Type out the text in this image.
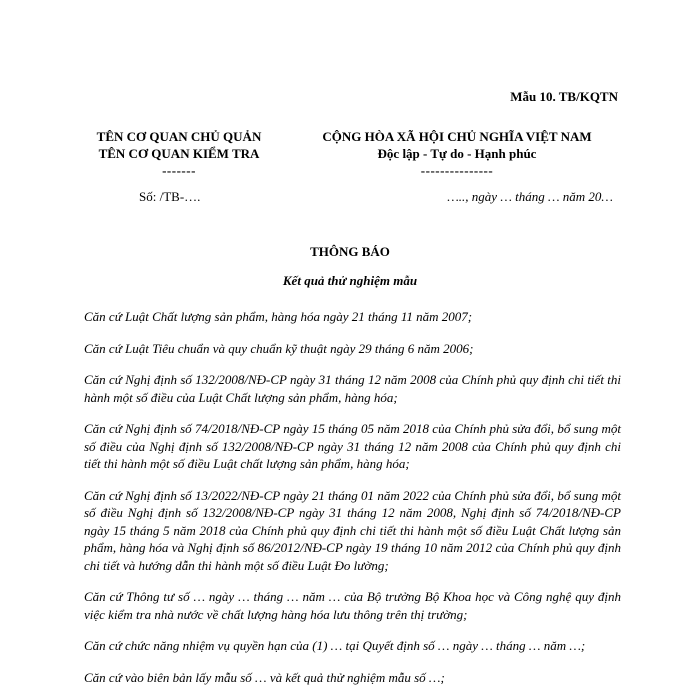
Mẫu 10. TB/KQTN
TÊN CƠ QUAN CHỦ QUẢN
TÊN CƠ QUAN KIỂM TRA
-------
CỘNG HÒA XÃ HỘI CHỦ NGHĨA VIỆT NAM
Độc lập - Tự do - Hạnh phúc
---------------
Số: /TB-….	….., ngày … tháng … năm 20…
THÔNG BÁO
Kết quả thử nghiệm mẫu

Căn cứ Luật Chất lượng sản phẩm, hàng hóa ngày 21 tháng 11 năm 2007;

Căn cứ Luật Tiêu chuẩn và quy chuẩn kỹ thuật ngày 29 tháng 6 năm 2006;

Căn cứ Nghị định số 132/2008/NĐ-CP ngày 31 tháng 12 năm 2008 của Chính phủ quy định chi tiết thi hành một số điều của Luật Chất lượng sản phẩm, hàng hóa;

Căn cứ Nghị định số 74/2018/NĐ-CP ngày 15 tháng 05 năm 2018 của Chính phủ sửa đổi, bổ sung một số điều của Nghị định số 132/2008/NĐ-CP ngày 31 tháng 12 năm 2008 của Chính phủ quy định chi tiết thi hành một số điều Luật chất lượng sản phẩm, hàng hóa;

Căn cứ Nghị định số 13/2022/NĐ-CP ngày 21 tháng 01 năm 2022 của Chính phủ sửa đổi, bổ sung một số điều Nghị định số 132/2008/NĐ-CP ngày 31 tháng 12 năm 2008, Nghị định số 74/2018/NĐ-CP ngày 15 tháng 5 năm 2018 của Chính phủ quy định chi tiết thi hành một số điều Luật Chất lượng sản phẩm, hàng hóa và Nghị định số 86/2012/NĐ-CP ngày 19 tháng 10 năm 2012 của Chính phủ quy định chi tiết và hướng dẫn thi hành một số điều Luật Đo lường;

Căn cứ Thông tư số … ngày … tháng … năm … của Bộ trưởng Bộ Khoa học và Công nghệ quy định việc kiểm tra nhà nước về chất lượng hàng hóa lưu thông trên thị trường;

Căn cứ chức năng nhiệm vụ quyền hạn của (1) … tại Quyết định số … ngày … tháng … năm …;

Căn cứ vào biên bản lấy mẫu số … và kết quả thử nghiệm mẫu số …;
